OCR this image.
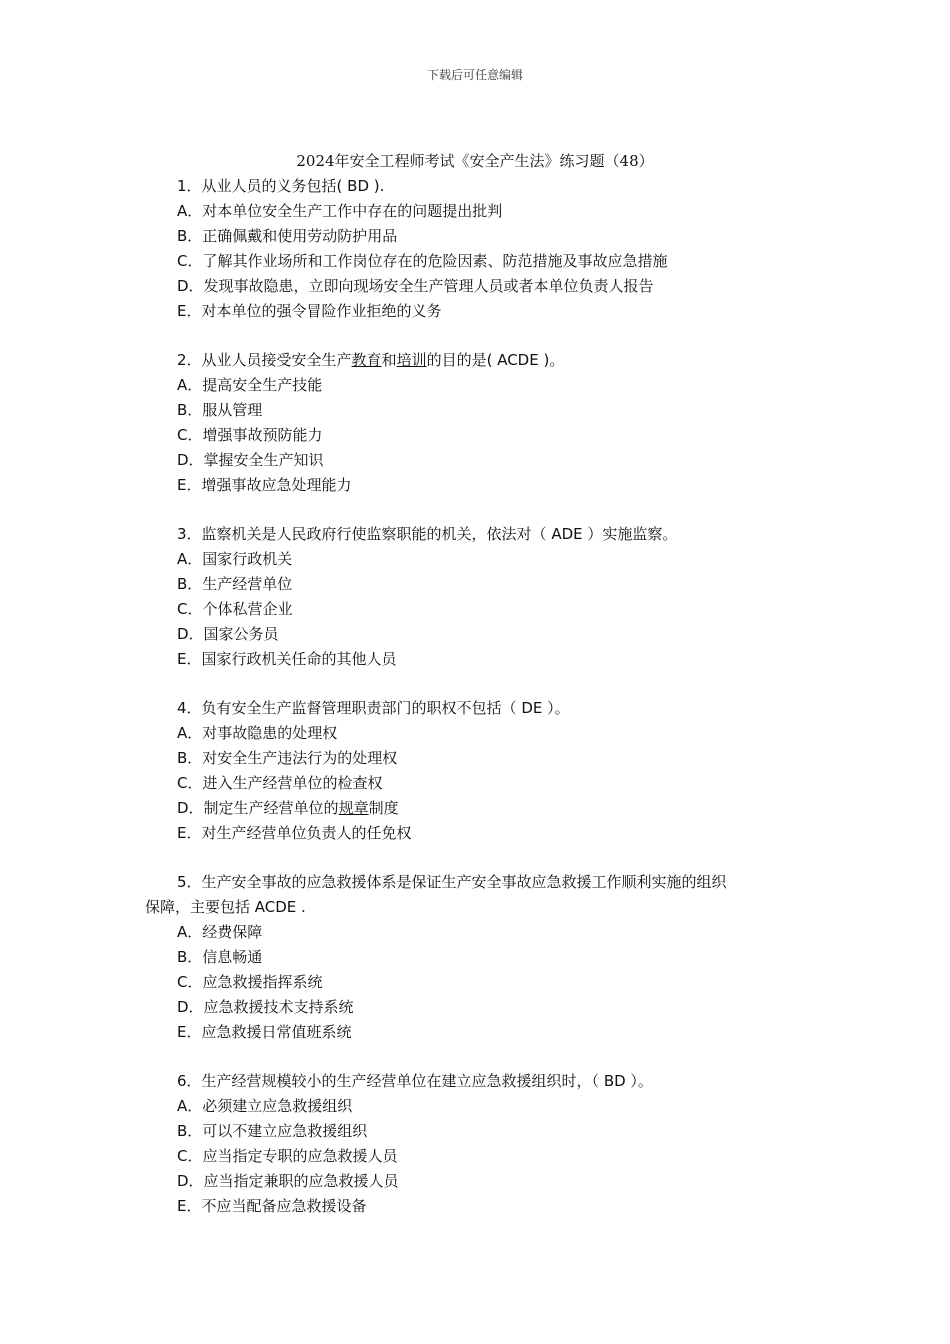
下载后可任意编辑
2024年安全工程师考试《安全产生法》练习题（48）
1．从业人员的义务包括( BD ).
A．对本单位安全生产工作中存在的问题提出批判
B．正确佩戴和使用劳动防护用品
C．了解其作业场所和工作岗位存在的危险因素、防范措施及事故应急措施
D．发现事故隐患，立即向现场安全生产管理人员或者本单位负责人报告
E．对本单位的强令冒险作业拒绝的义务
2．从业人员接受安全生产教育和培训的目的是( ACDE )。
A．提高安全生产技能
B．服从管理
C．增强事故预防能力
D．掌握安全生产知识
E．增强事故应急处理能力
3．监察机关是人民政府行使监察职能的机关，依法对（ ADE ）实施监察。
A．国家行政机关
B．生产经营单位
C．个体私营企业
D．国家公务员
E．国家行政机关任命的其他人员
4．负有安全生产监督管理职责部门的职权不包括（ DE ）。
A．对事故隐患的处理权
B．对安全生产违法行为的处理权
C．进入生产经营单位的检查权
D．制定生产经营单位的规章制度
E．对生产经营单位负责人的任免权
5．生产安全事故的应急救援体系是保证生产安全事故应急救援工作顺利实施的组织
保障，主要包括 ACDE .
A．经费保障
B．信息畅通
C．应急救援指挥系统
D．应急救援技术支持系统
E．应急救援日常值班系统
6．生产经营规模较小的生产经营单位在建立应急救援组织时，（ BD ）。
A．必须建立应急救援组织
B．可以不建立应急救援组织
C．应当指定专职的应急救援人员
D．应当指定兼职的应急救援人员
E．不应当配备应急救援设备
